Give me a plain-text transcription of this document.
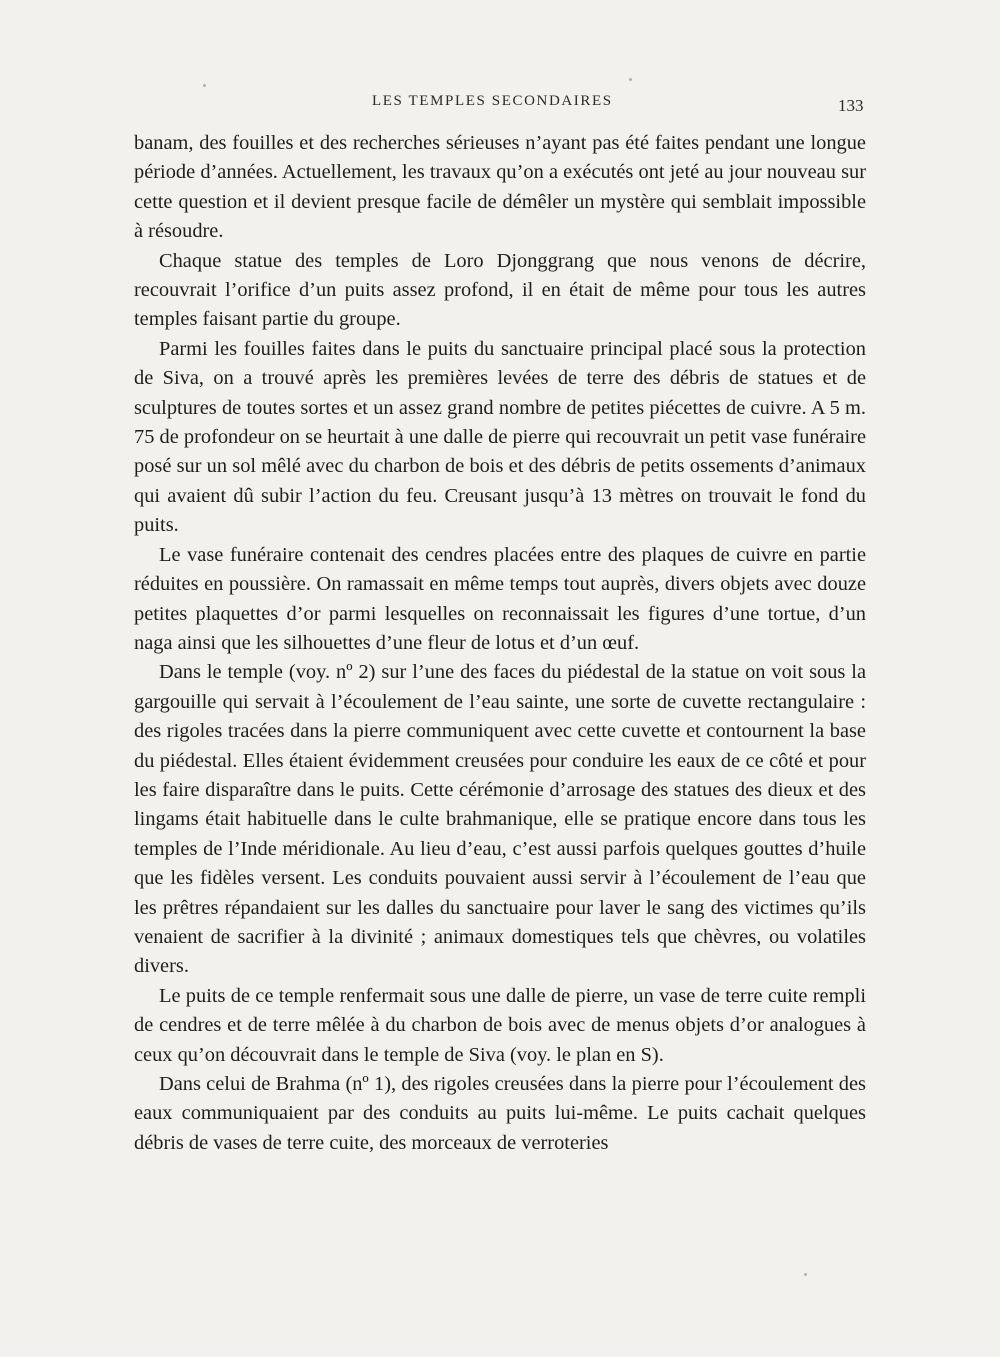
LES TEMPLES SECONDAIRES	133

banam, des fouilles et des recherches sérieuses n’ayant pas été faites pendant une longue période d’années. Actuellement, les travaux qu’on a exécutés ont jeté au jour nouveau sur cette question et il devient presque facile de démêler un mystère qui semblait impossible à résoudre.

Chaque statue des temples de Loro Djonggrang que nous venons de décrire, recouvrait l’orifice d’un puits assez profond, il en était de même pour tous les autres temples faisant partie du groupe.

Parmi les fouilles faites dans le puits du sanctuaire principal placé sous la protection de Siva, on a trouvé après les premières levées de terre des débris de statues et de sculptures de toutes sortes et un assez grand nombre de petites piécettes de cuivre. A 5 m. 75 de profondeur on se heurtait à une dalle de pierre qui recouvrait un petit vase funéraire posé sur un sol mêlé avec du charbon de bois et des débris de petits ossements d’animaux qui avaient dû subir l’action du feu. Creusant jusqu’à 13 mètres on trouvait le fond du puits.

Le vase funéraire contenait des cendres placées entre des plaques de cuivre en partie réduites en poussière. On ramassait en même temps tout auprès, divers objets avec douze petites plaquettes d’or parmi lesquelles on reconnaissait les figures d’une tortue, d’un naga ainsi que les silhouettes d’une fleur de lotus et d’un œuf.

Dans le temple (voy. nº 2) sur l’une des faces du piédestal de la statue on voit sous la gargouille qui servait à l’écoulement de l’eau sainte, une sorte de cuvette rectangulaire : des rigoles tracées dans la pierre communiquent avec cette cuvette et contournent la base du piédestal. Elles étaient évidemment creusées pour conduire les eaux de ce côté et pour les faire disparaître dans le puits. Cette cérémonie d’arrosage des statues des dieux et des lingams était habituelle dans le culte brahmanique, elle se pratique encore dans tous les temples de l’Inde méridionale. Au lieu d’eau, c’est aussi parfois quelques gouttes d’huile que les fidèles versent. Les conduits pouvaient aussi servir à l’écoulement de l’eau que les prêtres répandaient sur les dalles du sanctuaire pour laver le sang des victimes qu’ils venaient de sacrifier à la divinité ; animaux domestiques tels que chèvres, ou volatiles divers.

Le puits de ce temple renfermait sous une dalle de pierre, un vase de terre cuite rempli de cendres et de terre mêlée à du charbon de bois avec de menus objets d’or analogues à ceux qu’on découvrait dans le temple de Siva (voy. le plan en S).

Dans celui de Brahma (nº 1), des rigoles creusées dans la pierre pour l’écoulement des eaux communiquaient par des conduits au puits lui-même. Le puits cachait quelques débris de vases de terre cuite, des morceaux de verroteries
